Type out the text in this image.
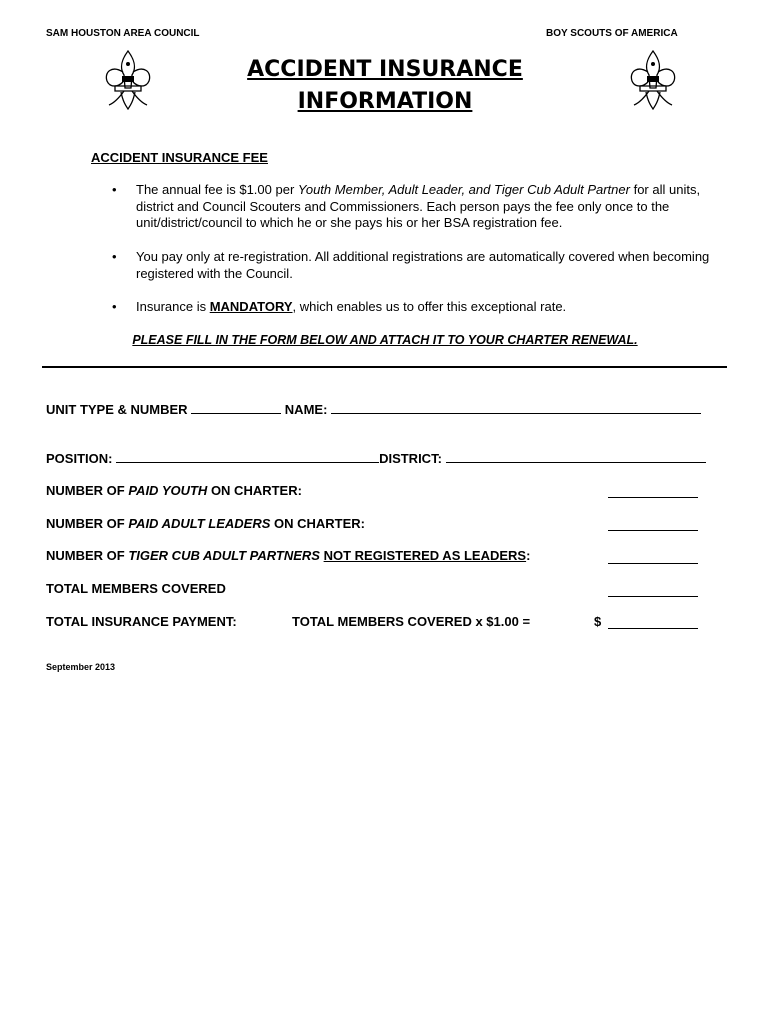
SAM HOUSTON AREA COUNCIL	BOY SCOUTS OF AMERICA
ACCIDENT INSURANCE
INFORMATION
ACCIDENT INSURANCE FEE
• The annual fee is $1.00 per Youth Member, Adult Leader, and Tiger Cub Adult Partner for all units, district and Council Scouters and Commissioners. Each person pays the fee only once to the unit/district/council to which he or she pays his or her BSA registration fee.
• You pay only at re-registration. All additional registrations are automatically covered when becoming registered with the Council.
• Insurance is MANDATORY, which enables us to offer this exceptional rate.
PLEASE FILL IN THE FORM BELOW AND ATTACH IT TO YOUR CHARTER RENEWAL.
UNIT TYPE & NUMBER	NAME:
POSITION:	DISTRICT:
NUMBER OF PAID YOUTH ON CHARTER:
NUMBER OF PAID ADULT LEADERS ON CHARTER:
NUMBER OF TIGER CUB ADULT PARTNERS NOT REGISTERED AS LEADERS:
TOTAL MEMBERS COVERED
TOTAL INSURANCE PAYMENT:	TOTAL MEMBERS COVERED x $1.00 =	$
September 2013
